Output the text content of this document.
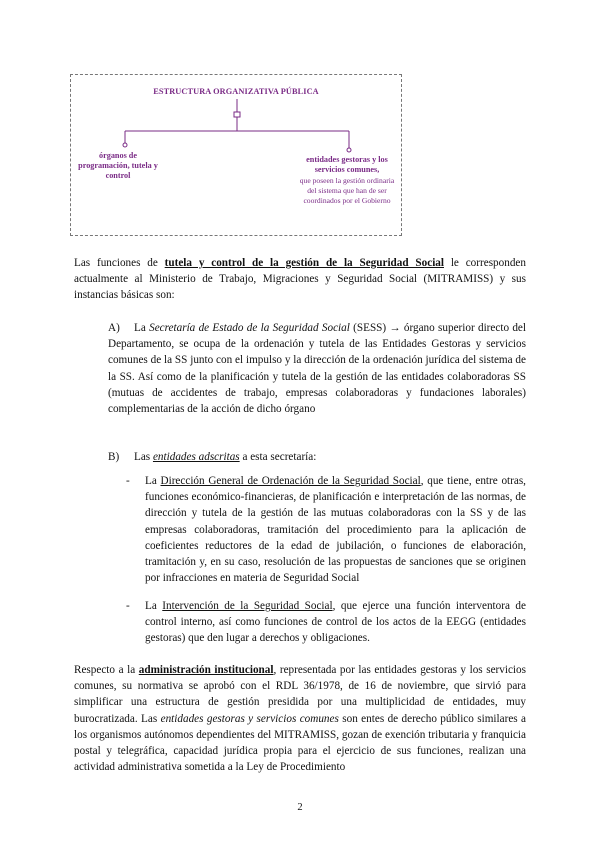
ESTRUCTURA ORGANIZATIVA PÚBLICA
órganos de programación, tutela y control
entidades gestoras y los servicios comunes,
que poseen la gestión ordinaria del sistema que han de ser coordinados por el Gobierno
Las funciones de tutela y control de la gestión de la Seguridad Social le corresponden actualmente al Ministerio de Trabajo, Migraciones y Seguridad Social (MITRAMISS) y sus instancias básicas son:
A)	La Secretaría de Estado de la Seguridad Social (SESS) → órgano superior directo del Departamento, se ocupa de la ordenación y tutela de las Entidades Gestoras y servicios comunes de la SS junto con el impulso y la dirección de la ordenación jurídica del sistema de la SS. Así como de la planificación y tutela de la gestión de las entidades colaboradoras SS (mutuas de accidentes de trabajo, empresas colaboradoras y fundaciones laborales) complementarias de la acción de dicho órgano
B)	Las entidades adscritas a esta secretaría:
- La Dirección General de Ordenación de la Seguridad Social, que tiene, entre otras, funciones económico-financieras, de planificación e interpretación de las normas, de dirección y tutela de la gestión de las mutuas colaboradoras con la SS y de las empresas colaboradoras, tramitación del procedimiento para la aplicación de coeficientes reductores de la edad de jubilación, o funciones de elaboración, tramitación y, en su caso, resolución de las propuestas de sanciones que se originen por infracciones en materia de Seguridad Social
- La Intervención de la Seguridad Social, que ejerce una función interventora de control interno, así como funciones de control de los actos de la EEGG (entidades gestoras) que den lugar a derechos y obligaciones.
Respecto a la administración institucional, representada por las entidades gestoras y los servicios comunes, su normativa se aprobó con el RDL 36/1978, de 16 de noviembre, que sirvió para simplificar una estructura de gestión presidida por una multiplicidad de entidades, muy burocratizada. Las entidades gestoras y servicios comunes son entes de derecho público similares a los organismos autónomos dependientes del MITRAMISS, gozan de exención tributaria y franquicia postal y telegráfica, capacidad jurídica propia para el ejercicio de sus funciones, realizan una actividad administrativa sometida a la Ley de Procedimiento
2
